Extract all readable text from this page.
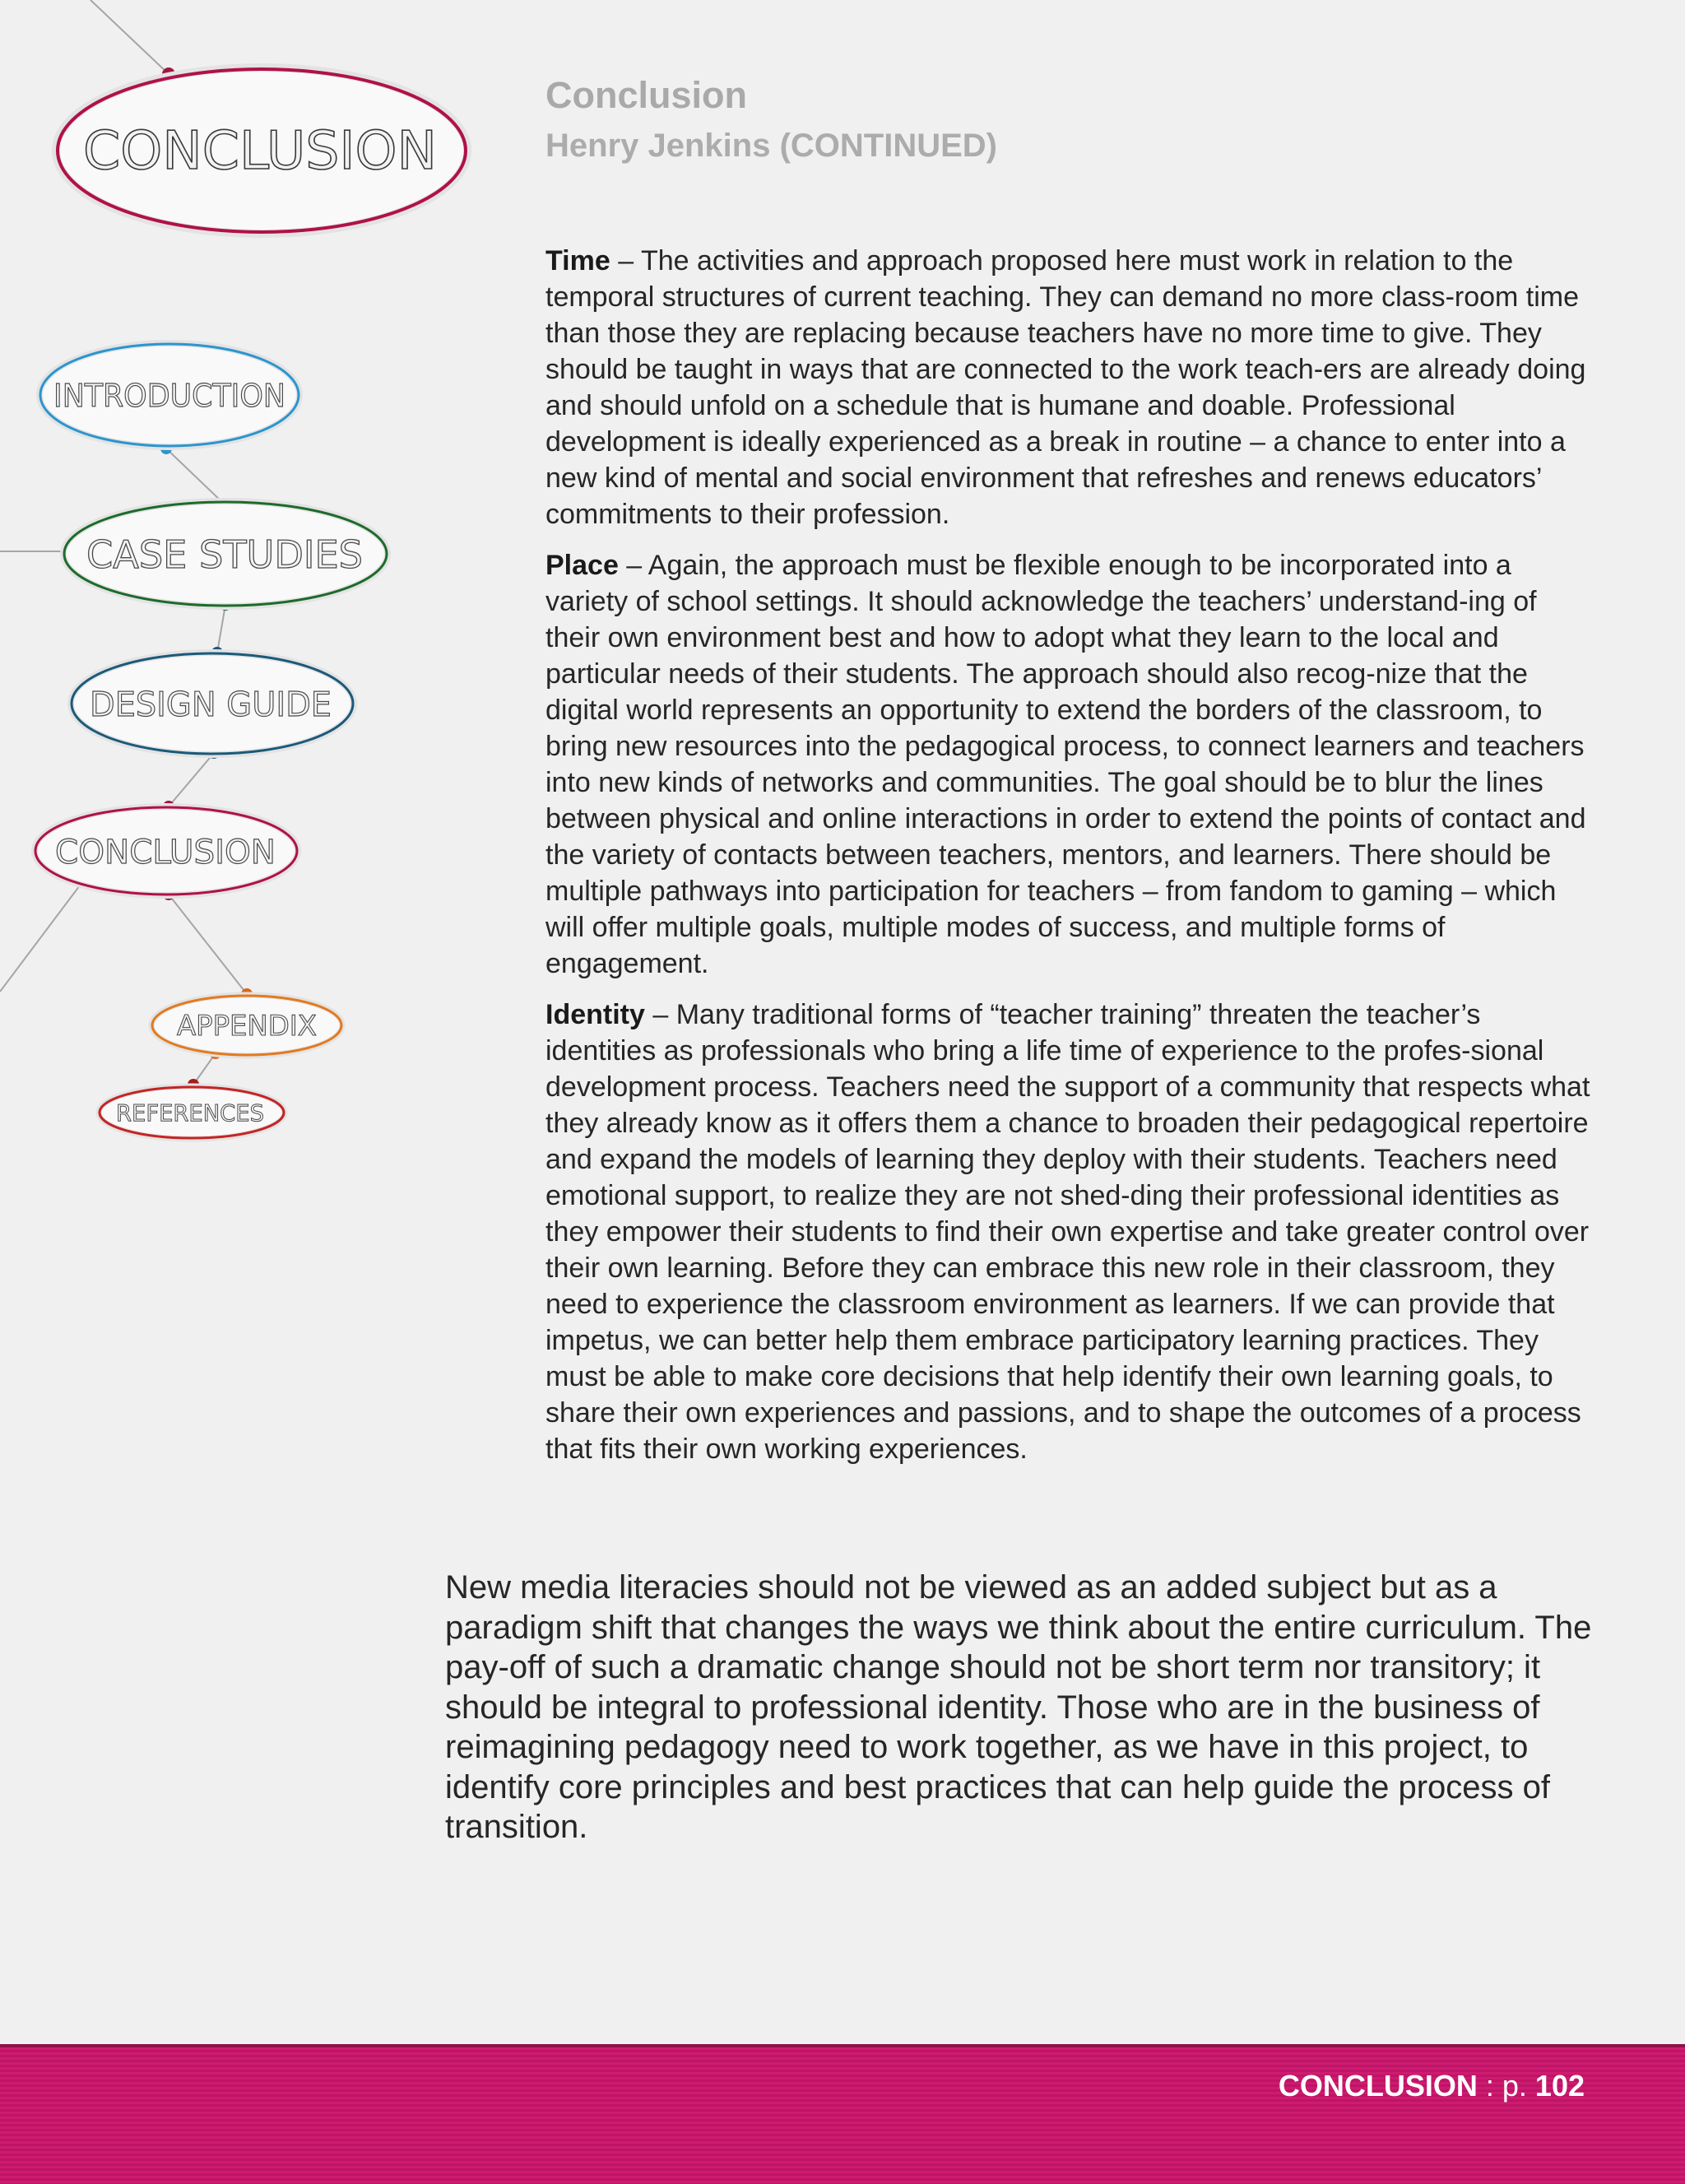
CONCLUSION
INTRODUCTION
CASE STUDIES
DESIGN GUIDE
CONCLUSION
APPENDIX
REFERENCES
Conclusion
Henry Jenkins (CONTINUED)

Time – The activities and approach proposed here must work in relation to the temporal structures of current teaching. They can demand no more class-room time than those they are replacing because teachers have no more time to give. They should be taught in ways that are connected to the work teach-ers are already doing and should unfold on a schedule that is humane and doable. Professional development is ideally experienced as a break in routine – a chance to enter into a new kind of mental and social environment that refreshes and renews educators’ commitments to their profession.

Place – Again, the approach must be flexible enough to be incorporated into a variety of school settings. It should acknowledge the teachers’ understand-ing of their own environment best and how to adopt what they learn to the local and particular needs of their students. The approach should also recog-nize that the digital world represents an opportunity to extend the borders of the classroom, to bring new resources into the pedagogical process, to connect learners and teachers into new kinds of networks and communities. The goal should be to blur the lines between physical and online interactions in order to extend the points of contact and the variety of contacts between teachers, mentors, and learners. There should be multiple pathways into participation for teachers – from fandom to gaming – which will offer multiple goals, multiple modes of success, and multiple forms of engagement.

Identity – Many traditional forms of “teacher training” threaten the teacher’s identities as professionals who bring a life time of experience to the profes-sional development process. Teachers need the support of a community that respects what they already know as it offers them a chance to broaden their pedagogical repertoire and expand the models of learning they deploy with their students. Teachers need emotional support, to realize they are not shed-ding their professional identities as they empower their students to find their own expertise and take greater control over their own learning. Before they can embrace this new role in their classroom, they need to experience the classroom environment as learners. If we can provide that impetus, we can better help them embrace participatory learning practices. They must be able to make core decisions that help identify their own learning goals, to share their own experiences and passions, and to shape the outcomes of a process that fits their own working experiences.

New media literacies should not be viewed as an added subject but as a paradigm shift that changes the ways we think about the entire curriculum. The pay-off of such a dramatic change should not be short term nor transitory; it should be integral to professional identity. Those who are in the business of reimagining pedagogy need to work together, as we have in this project, to identify core principles and best practices that can help guide the process of transition.

CONCLUSION : p. 102
